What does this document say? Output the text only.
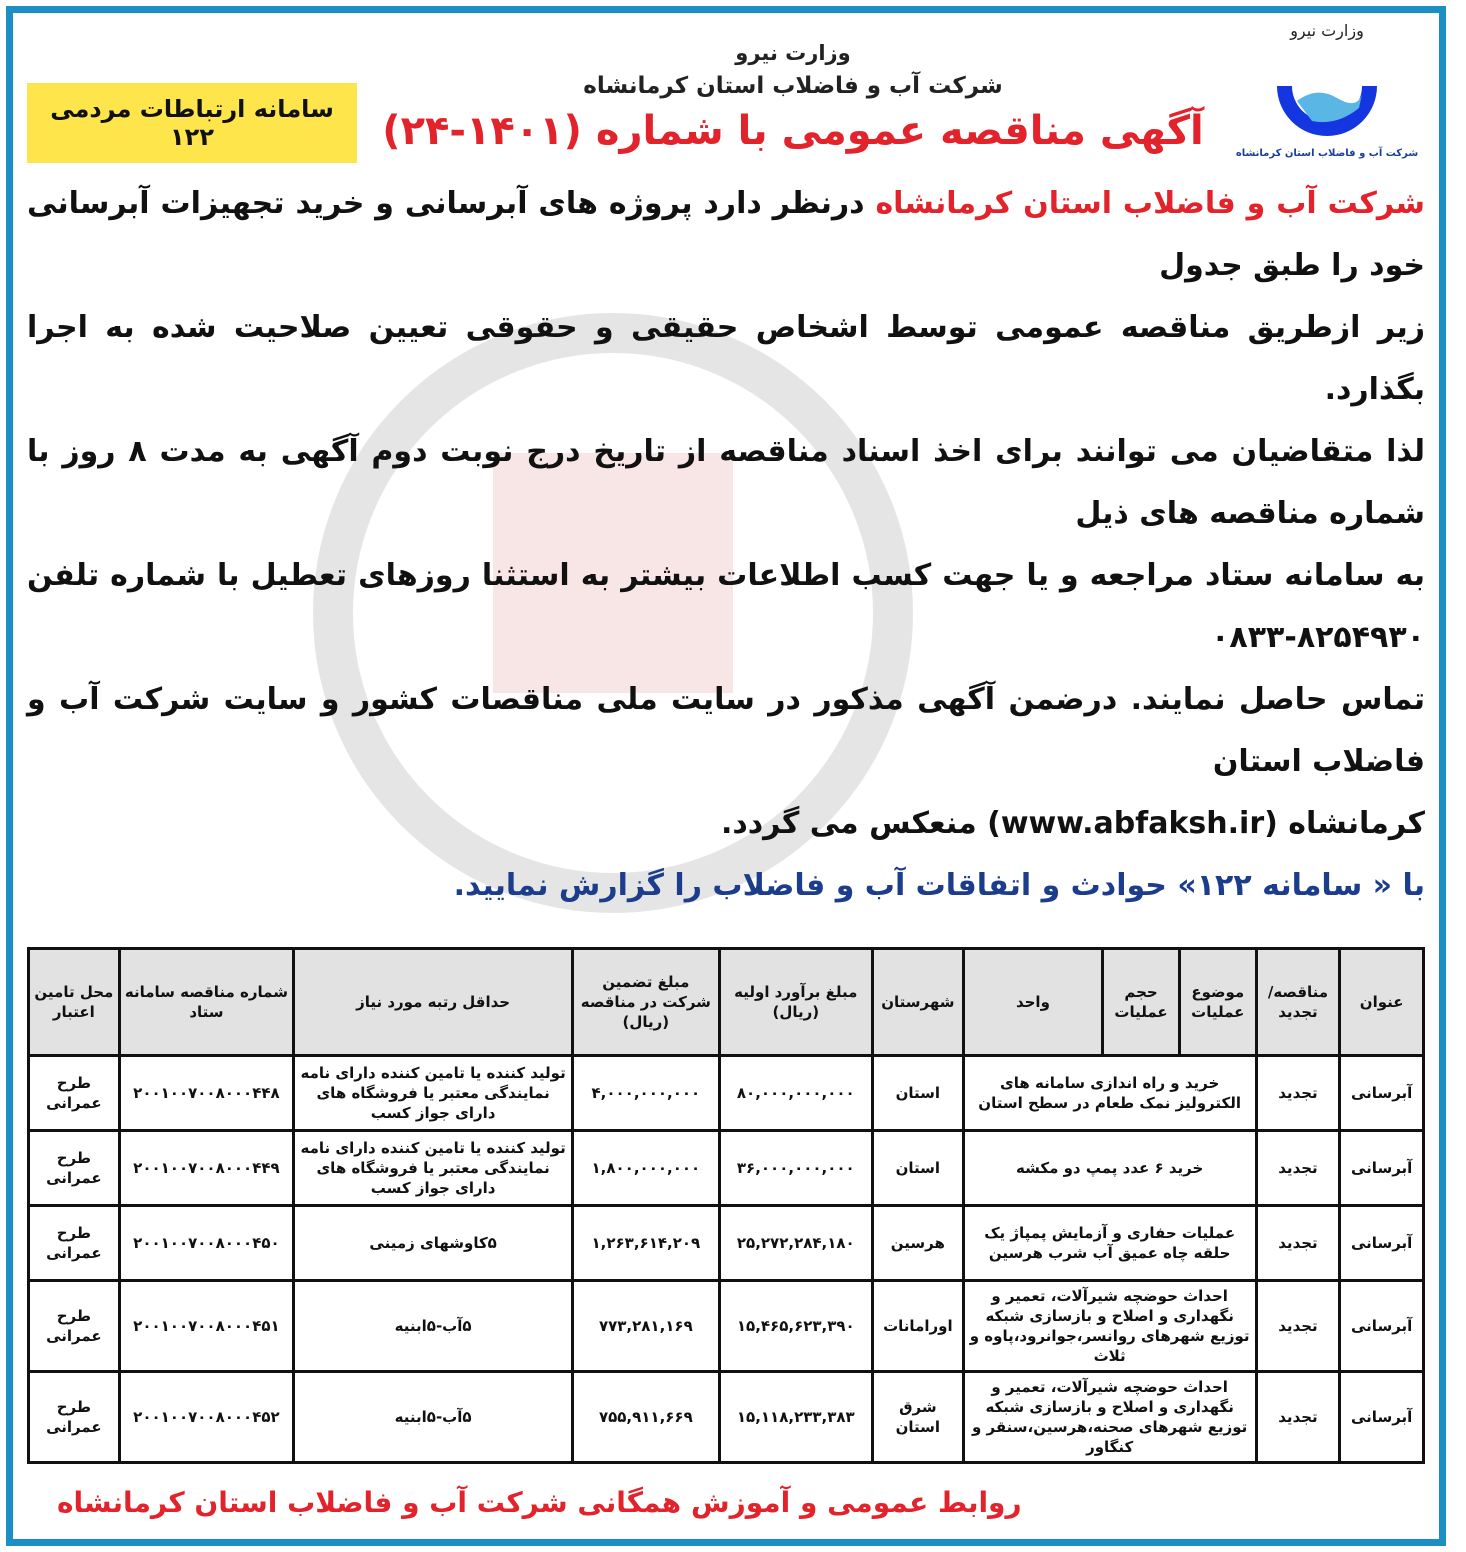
سامانه ارتباطات مردمی ۱۲۲
وزارت نیرو
شرکت آب و فاضلاب استان کرمانشاه
آگهی مناقصه عمومی با شماره (۱۴۰۱-۲۴)
وزارت نیرو
شرکت آب و فاضلاب استان کرمانشاه
شرکت آب و فاضلاب استان کرمانشاه درنظر دارد پروژه های آبرسانی و خرید تجهیزات آبرسانی خود را طبق جدول
زیر ازطریق مناقصه عمومی توسط اشخاص حقیقی و حقوقی تعیین صلاحیت شده به اجرا بگذارد.
لذا متقاضیان می توانند برای اخذ اسناد مناقصه از تاریخ درج نوبت دوم آگهی به مدت ۸ روز با شماره مناقصه های ذیل
به سامانه ستاد مراجعه و یا جهت کسب اطلاعات بیشتر به استثنا روزهای تعطیل با شماره تلفن ۸۲۵۴۹۳۰-۰۸۳۳
تماس حاصل نمایند. درضمن آگهی مذکور در سایت ملی مناقصات کشور و سایت شرکت آب و فاضلاب استان
کرمانشاه (www.abfaksh.ir) منعکس می گردد.
با « سامانه ۱۲۲» حوادث و اتفاقات آب و فاضلاب را گزارش نمایید.
عنوان	مناقصه/ تجدید	موضوع عملیات	حجم عملیات	واحد	شهرستان	مبلغ برآورد اولیه (ریال)	مبلغ تضمین شرکت در مناقصه (ریال)	حداقل رتبه مورد نیاز	شماره مناقصه سامانه ستاد	محل تامین اعتبار
آبرسانی	تجدید	خرید و راه اندازی سامانه های الکترولیز نمک طعام در سطح استان			استان	۸۰,۰۰۰,۰۰۰,۰۰۰	۴,۰۰۰,۰۰۰,۰۰۰	تولید کننده یا تامین کننده دارای نامه نمایندگی معتبر یا فروشگاه های دارای جواز کسب	۲۰۰۱۰۰۷۰۰۸۰۰۰۴۴۸	طرح عمرانی
آبرسانی	تجدید	خرید ۶ عدد پمپ دو مکشه			استان	۳۶,۰۰۰,۰۰۰,۰۰۰	۱,۸۰۰,۰۰۰,۰۰۰	تولید کننده یا تامین کننده دارای نامه نمایندگی معتبر یا فروشگاه های دارای جواز کسب	۲۰۰۱۰۰۷۰۰۸۰۰۰۴۴۹	طرح عمرانی
آبرسانی	تجدید	عملیات حفاری و آزمایش پمپاژ یک حلقه چاه عمیق آب شرب هرسین			هرسین	۲۵,۲۷۲,۲۸۴,۱۸۰	۱,۲۶۳,۶۱۴,۲۰۹	۵کاوشهای زمینی	۲۰۰۱۰۰۷۰۰۸۰۰۰۴۵۰	طرح عمرانی
آبرسانی	تجدید	احداث حوضچه شیرآلات، تعمیر و نگهداری و اصلاح و بازسازی شبکه توزیع شهرهای روانسر،جوانرود،پاوه و ثلاث			اورامانات	۱۵,۴۶۵,۶۲۳,۳۹۰	۷۷۳,۲۸۱,۱۶۹	۵آب-۵ابنیه	۲۰۰۱۰۰۷۰۰۸۰۰۰۴۵۱	طرح عمرانی
آبرسانی	تجدید	احداث حوضچه شیرآلات، تعمیر و نگهداری و اصلاح و بازسازی شبکه توزیع شهرهای صحنه،هرسین،سنقر و کنگاور			شرق استان	۱۵,۱۱۸,۲۳۳,۳۸۳	۷۵۵,۹۱۱,۶۶۹	۵آب-۵ابنیه	۲۰۰۱۰۰۷۰۰۸۰۰۰۴۵۲	طرح عمرانی
روابط عمومی و آموزش همگانی شرکت آب و فاضلاب استان کرمانشاه
